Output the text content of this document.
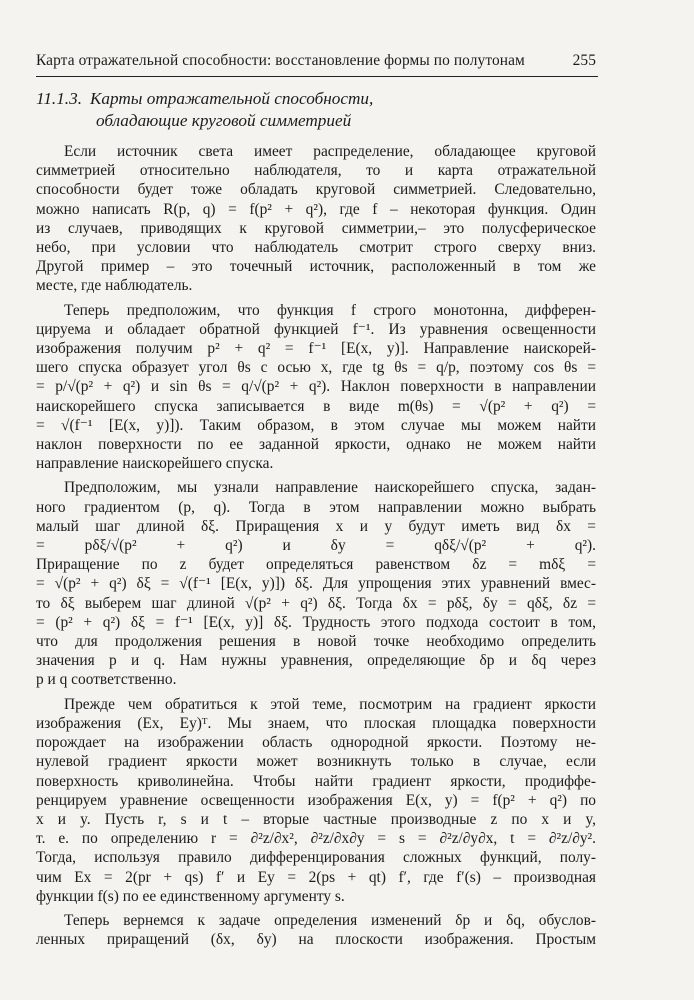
Карта отражательной способности: восстановление формы по полутонам	255
11.1.3. Карты отражательной способности,
обладающие круговой симметрией
Если источник света имеет распределение, обладающее круговой
симметрией относительно наблюдателя, то и карта отражательной
способности будет тоже обладать круговой симметрией. Следовательно,
можно написать R(p, q) = f(p² + q²), где f – некоторая функция. Один
из случаев, приводящих к круговой симметрии,– это полусферическое
небо, при условии что наблюдатель смотрит строго сверху вниз.
Другой пример – это точечный источник, расположенный в том же
месте, где наблюдатель.
Теперь предположим, что функция f строго монотонна, дифферен-
цируема и обладает обратной функцией f⁻¹. Из уравнения освещенности
изображения получим p² + q² = f⁻¹ [E(x, y)]. Направление наискорей-
шего спуска образует угол θs с осью x, где tg θs = q/p, поэтому cos θs =
= p/√(p² + q²) и sin θs = q/√(p² + q²). Наклон поверхности в направлении
наискорейшего спуска записывается в виде m(θs) = √(p² + q²) =
= √(f⁻¹ [E(x, y)]). Таким образом, в этом случае мы можем найти
наклон поверхности по ее заданной яркости, однако не можем найти
направление наискорейшего спуска.
Предположим, мы узнали направление наискорейшего спуска, задан-
ного градиентом (p, q). Тогда в этом направлении можно выбрать
малый шаг длиной δξ. Приращения x и y будут иметь вид δx =
= pδξ/√(p² + q²) и δy = qδξ/√(p² + q²).
Приращение по z будет определяться равенством δz = mδξ =
= √(p² + q²) δξ = √(f⁻¹ [E(x, y)]) δξ. Для упрощения этих уравнений вмес-
то δξ выберем шаг длиной √(p² + q²) δξ. Тогда δx = pδξ, δy = qδξ, δz =
= (p² + q²) δξ = f⁻¹ [E(x, y)] δξ. Трудность этого подхода состоит в том,
что для продолжения решения в новой точке необходимо определить
значения p и q. Нам нужны уравнения, определяющие δp и δq через
p и q соответственно.
Прежде чем обратиться к этой теме, посмотрим на градиент яркости
изображения (Ex, Ey)ᵀ. Мы знаем, что плоская площадка поверхности
порождает на изображении область однородной яркости. Поэтому не-
нулевой градиент яркости может возникнуть только в случае, если
поверхность криволинейна. Чтобы найти градиент яркости, продиффе-
ренцируем уравнение освещенности изображения E(x, y) = f(p² + q²) по
x и y. Пусть r, s и t – вторые частные производные z по x и y,
т. е. по определению r = ∂²z/∂x², ∂²z/∂x∂y = s = ∂²z/∂y∂x, t = ∂²z/∂y².
Тогда, используя правило дифференцирования сложных функций, полу-
чим Ex = 2(pr + qs) f′ и Ey = 2(ps + qt) f′, где f′(s) – производная
функции f(s) по ее единственному аргументу s.
Теперь вернемся к задаче определения изменений δp и δq, обуслов-
ленных приращений (δx, δy) на плоскости изображения. Простым
